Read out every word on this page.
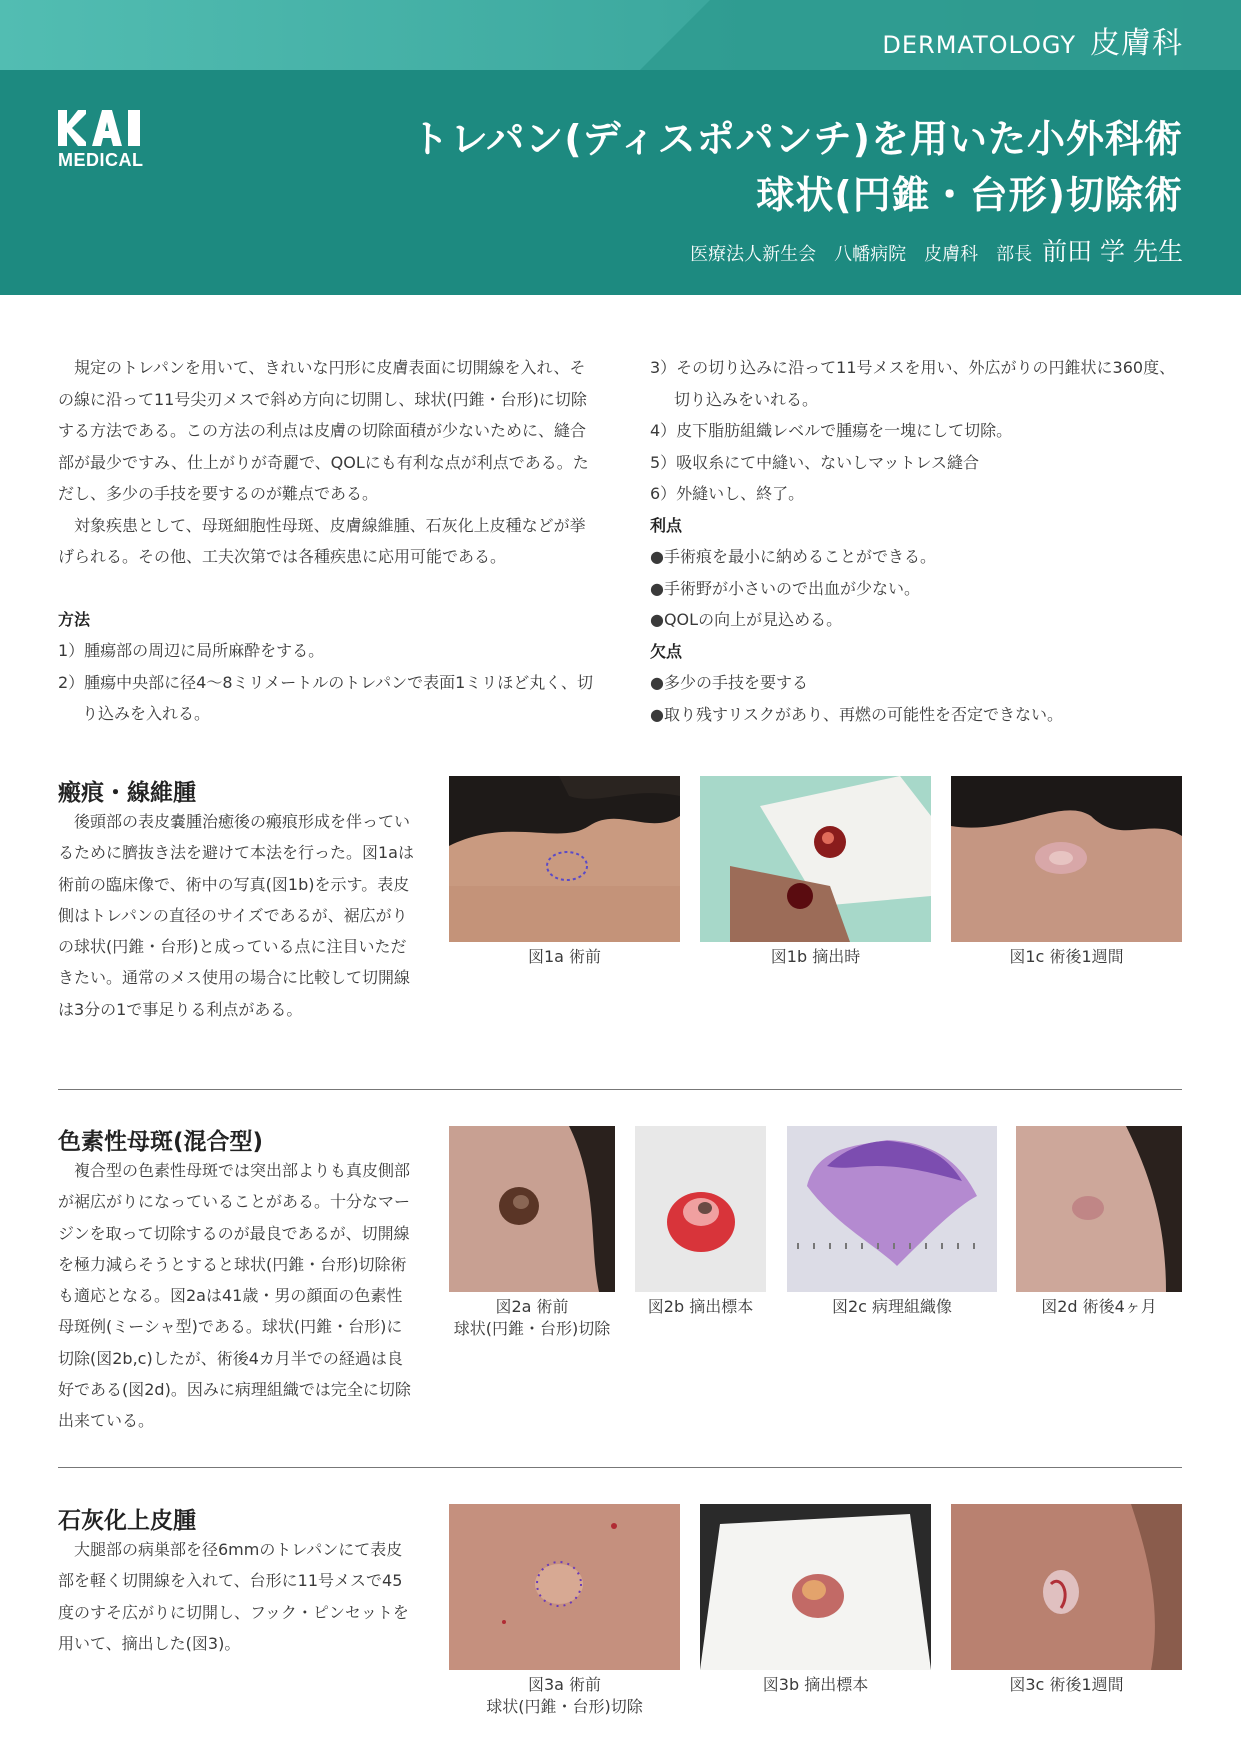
DERMATOLOGY 皮膚科
MEDICAL	トレパン(ディスポパンチ)を用いた小外科術
球状(円錐・台形)切除術
医療法人新生会　八幡病院　皮膚科　部長 前田 学 先生

規定のトレパンを用いて、きれいな円形に皮膚表面に切開線を入れ、その線に沿って11号尖刃メスで斜め方向に切開し、球状(円錐・台形)に切除する方法である。この方法の利点は皮膚の切除面積が少ないために、縫合部が最少ですみ、仕上がりが奇麗で、QOLにも有利な点が利点である。ただし、多少の手技を要するのが難点である。

対象疾患として、母斑細胞性母斑、皮膚線維腫、石灰化上皮種などが挙げられる。その他、工夫次第では各種疾患に応用可能である。

方法

1）腫瘍部の周辺に局所麻酔をする。

2）腫瘍中央部に径4〜8ミリメートルのトレパンで表面1ミリほど丸く、切り込みを入れる。

3）その切り込みに沿って11号メスを用い、外広がりの円錐状に360度、切り込みをいれる。

4）皮下脂肪組織レベルで腫瘍を一塊にして切除。

5）吸収糸にて中縫い、ないしマットレス縫合

6）外縫いし、終了。

利点

●手術痕を最小に納めることができる。

●手術野が小さいので出血が少ない。

●QOLの向上が見込める。

欠点

●多少の手技を要する

●取り残すリスクがあり、再燃の可能性を否定できない。

瘢痕・線維腫
後頭部の表皮嚢腫治癒後の瘢痕形成を伴っているために臍抜き法を避けて本法を行った。図1aは術前の臨床像で、術中の写真(図1b)を示す。表皮側はトレパンの直径のサイズであるが、裾広がりの球状(円錐・台形)と成っている点に注目いただきたい。通常のメス使用の場合に比較して切開線は3分の1で事足りる利点がある。
図1a 術前	図1b 摘出時	図1c 術後1週間
色素性母斑(混合型)
複合型の色素性母斑では突出部よりも真皮側部が裾広がりになっていることがある。十分なマージンを取って切除するのが最良であるが、切開線を極力減らそうとすると球状(円錐・台形)切除術も適応となる。図2aは41歳・男の顔面の色素性母斑例(ミーシャ型)である。球状(円錐・台形)に切除(図2b,c)したが、術後4カ月半での経過は良好である(図2d)。因みに病理組織では完全に切除出来ている。
図2a 術前
球状(円錐・台形)切除
図2b 摘出標本	図2c 病理組織像	図2d 術後4ヶ月
石灰化上皮腫
大腿部の病巣部を径6mmのトレパンにて表皮部を軽く切開線を入れて、台形に11号メスで45度のすそ広がりに切開し、フック・ピンセットを用いて、摘出した(図3)。
図3a 術前
球状(円錐・台形)切除
図3b 摘出標本	図3c 術後1週間
